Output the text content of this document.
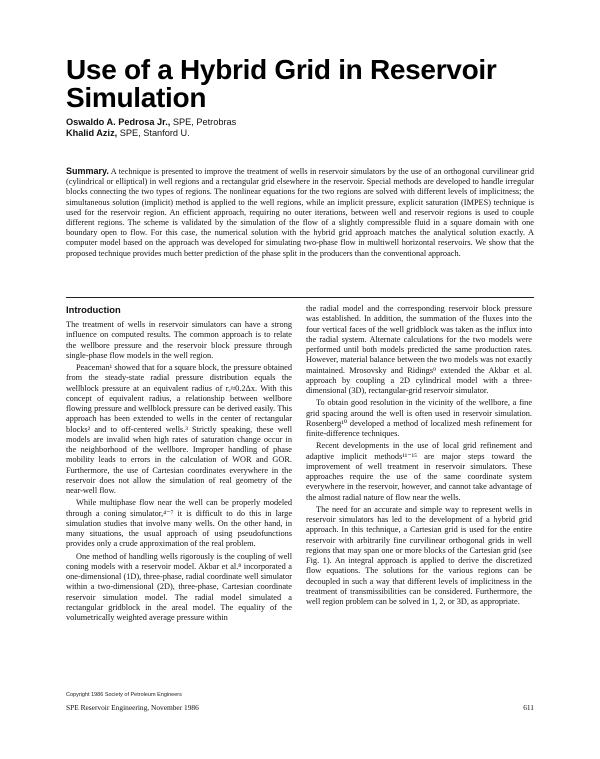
Use of a Hybrid Grid in Reservoir Simulation
Oswaldo A. Pedrosa Jr., SPE, Petrobras
Khalid Aziz, SPE, Stanford U.

Summary. A technique is presented to improve the treatment of wells in reservoir simulators by the use of an orthogonal curvilinear grid (cylindrical or elliptical) in well regions and a rectangular grid elsewhere in the reservoir. Special methods are developed to handle irregular blocks connecting the two types of regions. The nonlinear equations for the two regions are solved with different levels of implicitness; the simultaneous solution (implicit) method is applied to the well regions, while an implicit pressure, explicit saturation (IMPES) technique is used for the reservoir region. An efficient approach, requiring no outer iterations, between well and reservoir regions is used to couple different regions. The scheme is validated by the simulation of the flow of a slightly compressible fluid in a square domain with one boundary open to flow. For this case, the numerical solution with the hybrid grid approach matches the analytical solution exactly. A computer model based on the approach was developed for simulating two-phase flow in multiwell horizontal reservoirs. We show that the proposed technique provides much better prediction of the phase split in the producers than the conventional approach.

Introduction

The treatment of wells in reservoir simulators can have a strong influence on computed results. The common approach is to relate the wellbore pressure and the reservoir block pressure through single-phase flow models in the well region.

Peaceman¹ showed that for a square block, the pressure obtained from the steady-state radial pressure distribution equals the wellblock pressure at an equivalent radius of rₑ≈0.2Δx. With this concept of equivalent radius, a relationship between wellbore flowing pressure and wellblock pressure can be derived easily. This approach has been extended to wells in the center of rectangular blocks² and to off-centered wells.³ Strictly speaking, these well models are invalid when high rates of saturation change occur in the neighborhood of the wellbore. Improper handling of phase mobility leads to errors in the calculation of WOR and GOR. Furthermore, the use of Cartesian coordinates everywhere in the reservoir does not allow the simulation of real geometry of the near-well flow.

While multiphase flow near the well can be properly modeled through a coning simulator,⁴⁻⁷ it is difficult to do this in large simulation studies that involve many wells. On the other hand, in many situations, the usual approach of using pseudofunctions provides only a crude approximation of the real problem.

One method of handling wells rigorously is the coupling of well coning models with a reservoir model. Akbar et al.⁸ incorporated a one-dimensional (1D), three-phase, radial coordinate well simulator within a two-dimensional (2D), three-phase, Cartesian coordinate reservoir simulation model. The radial model simulated a rectangular gridblock in the areal model. The equality of the volumetrically weighted average pressure within

the radial model and the corresponding reservoir block pressure was established. In addition, the summation of the fluxes into the four vertical faces of the well gridblock was taken as the influx into the radial system. Alternate calculations for the two models were performed until both models predicted the same production rates. However, material balance between the two models was not exactly maintained. Mrosovsky and Ridings⁹ extended the Akbar et al. approach by coupling a 2D cylindrical model with a three-dimensional (3D), rectangular-grid reservoir simulator.

To obtain good resolution in the vicinity of the wellbore, a fine grid spacing around the well is often used in reservoir simulation. Rosenberg¹⁰ developed a method of localized mesh refinement for finite-difference techniques.

Recent developments in the use of local grid refinement and adaptive implicit methods¹¹⁻¹⁵ are major steps toward the improvement of well treatment in reservoir simulators. These approaches require the use of the same coordinate system everywhere in the reservoir, however, and cannot take advantage of the almost radial nature of flow near the wells.

The need for an accurate and simple way to represent wells in reservoir simulators has led to the development of a hybrid grid approach. In this technique, a Cartesian grid is used for the entire reservoir with arbitrarily fine curvilinear orthogonal grids in well regions that may span one or more blocks of the Cartesian grid (see Fig. 1). An integral approach is applied to derive the discretized flow equations. The solutions for the various regions can be decoupled in such a way that different levels of implicitness in the treatment of transmissibilities can be considered. Furthermore, the well region problem can be solved in 1, 2, or 3D, as appropriate.

Copyright 1986 Society of Petroleum Engineers
SPE Reservoir Engineering, November 1986	611
